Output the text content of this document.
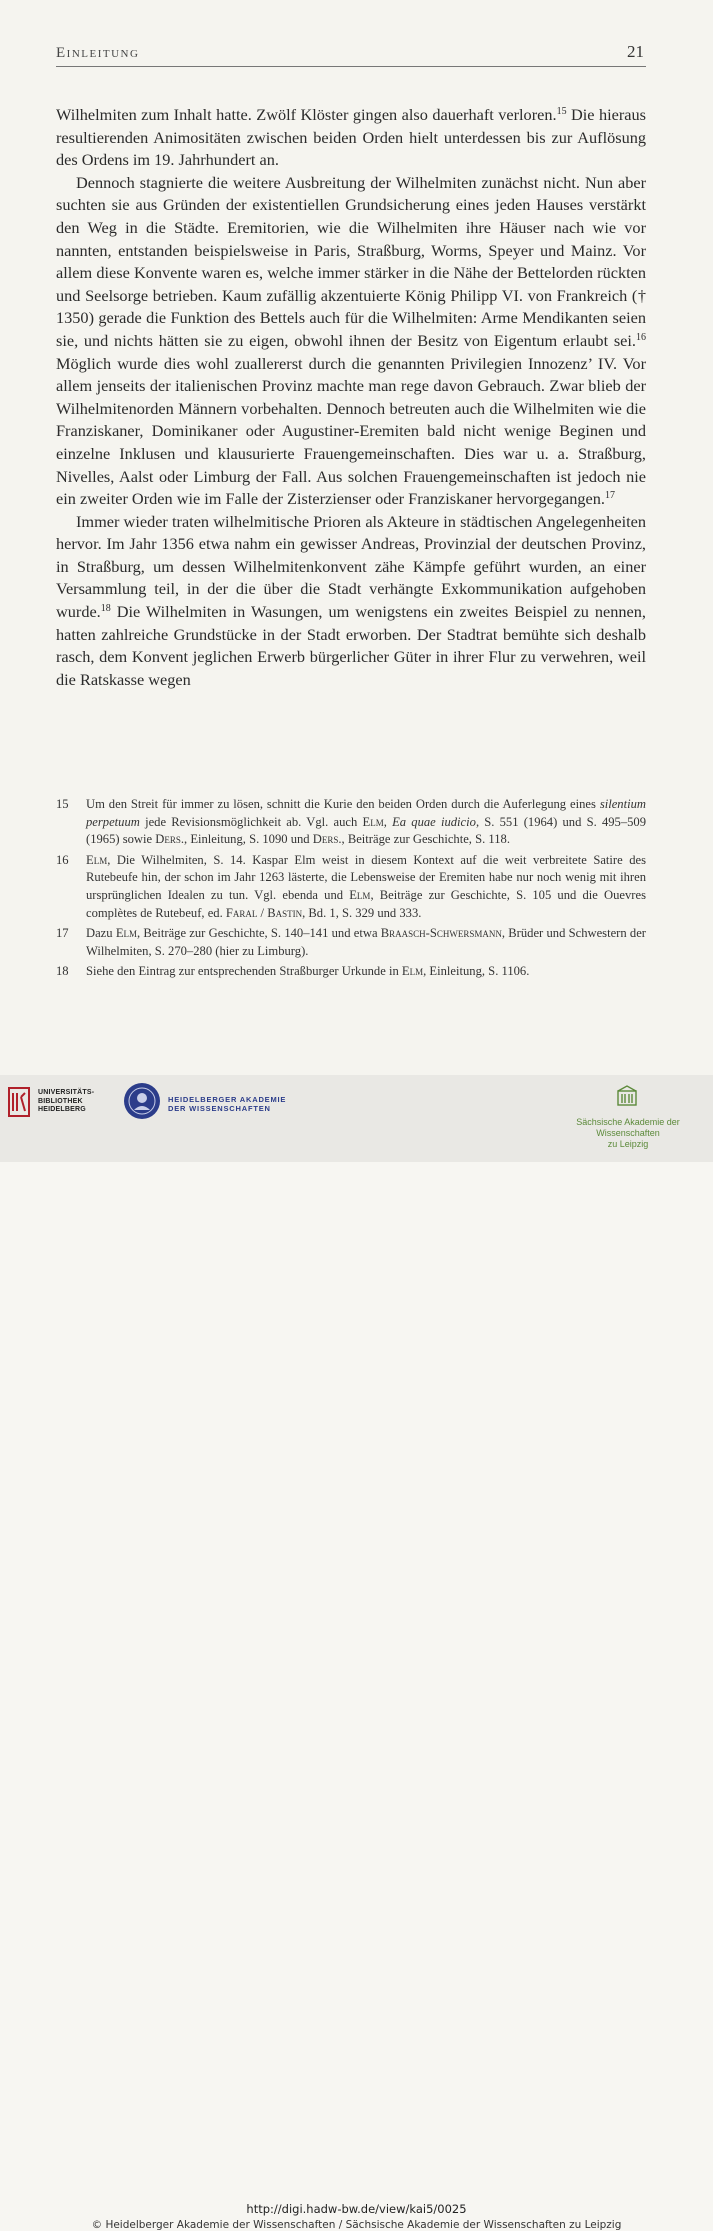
Einleitung	21

Wilhelmiten zum Inhalt hatte. Zwölf Klöster gingen also dauerhaft verloren.$^{15}$ Die hieraus resultierenden Animositäten zwischen beiden Orden hielt unterdessen bis zur Auflösung des Ordens im 19. Jahrhundert an.

Dennoch stagnierte die weitere Ausbreitung der Wilhelmiten zunächst nicht. Nun aber suchten sie aus Gründen der existentiellen Grundsicherung eines jeden Hauses verstärkt den Weg in die Städte. Eremitorien, wie die Wilhelmiten ihre Häuser nach wie vor nannten, entstanden beispielsweise in Paris, Straßburg, Worms, Speyer und Mainz. Vor allem diese Konvente waren es, welche immer stärker in die Nähe der Bettelorden rückten und Seelsorge betrieben. Kaum zufällig akzentuierte König Philipp VI. von Frankreich († 1350) gerade die Funktion des Bettels auch für die Wilhelmiten: Arme Mendikanten seien sie, und nichts hätten sie zu eigen, obwohl ihnen der Besitz von Eigentum erlaubt sei.$^{16}$ Möglich wurde dies wohl zuallererst durch die genannten Privilegien Innozenz’ IV. Vor allem jenseits der italienischen Provinz machte man rege davon Gebrauch. Zwar blieb der Wilhelmitenorden Männern vorbehalten. Dennoch betreuten auch die Wilhelmiten wie die Franziskaner, Dominikaner oder Augustiner-Eremiten bald nicht wenige Beginen und einzelne Inklusen und klausurierte Frauengemeinschaften. Dies war u. a. Straßburg, Nivelles, Aalst oder Limburg der Fall. Aus solchen Frauengemeinschaften ist jedoch nie ein zweiter Orden wie im Falle der Zisterzienser oder Franziskaner hervorgegangen.$^{17}$

Immer wieder traten wilhelmitische Prioren als Akteure in städtischen Angelegenheiten hervor. Im Jahr 1356 etwa nahm ein gewisser Andreas, Provinzial der deutschen Provinz, in Straßburg, um dessen Wilhelmitenkonvent zähe Kämpfe geführt wurden, an einer Versammlung teil, in der die über die Stadt verhängte Exkommunikation aufgehoben wurde.$^{18}$ Die Wilhelmiten in Wasungen, um wenigstens ein zweites Beispiel zu nennen, hatten zahlreiche Grundstücke in der Stadt erworben. Der Stadtrat bemühte sich deshalb rasch, dem Konvent jeglichen Erwerb bürgerlicher Güter in ihrer Flur zu verwehren, weil die Ratskasse wegen

15 Um den Streit für immer zu lösen, schnitt die Kurie den beiden Orden durch die Auferlegung eines silentium perpetuum jede Revisionsmöglichkeit ab. Vgl. auch Elm, Ea quae iudicio, S. 551 (1964) und S. 495–509 (1965) sowie Ders., Einleitung, S. 1090 und Ders., Beiträge zur Geschichte, S. 118.
16 Elm, Die Wilhelmiten, S. 14. Kaspar Elm weist in diesem Kontext auf die weit verbreitete Satire des Rutebeufe hin, der schon im Jahr 1263 lästerte, die Lebensweise der Eremiten habe nur noch wenig mit ihren ursprünglichen Idealen zu tun. Vgl. ebenda und Elm, Beiträge zur Geschichte, S. 105 und die Ouevres complètes de Rutebeuf, ed. Faral / Bastin, Bd. 1, S. 329 und 333.
17 Dazu Elm, Beiträge zur Geschichte, S. 140–141 und etwa Braasch-Schwersmann, Brüder und Schwestern der Wilhelmiten, S. 270–280 (hier zu Limburg).
18 Siehe den Eintrag zur entsprechenden Straßburger Urkunde in Elm, Einleitung, S. 1106.
UNIVERSITÄTS-
BIBLIOTHEK
HEIDELBERG
HEIDELBERGER AKADEMIE
DER WISSENSCHAFTEN
Sächsische Akademie der Wissenschaften
zu Leipzig
http://digi.hadw-bw.de/view/kai5/0025
© Heidelberger Akademie der Wissenschaften / Sächsische Akademie der Wissenschaften zu Leipzig
